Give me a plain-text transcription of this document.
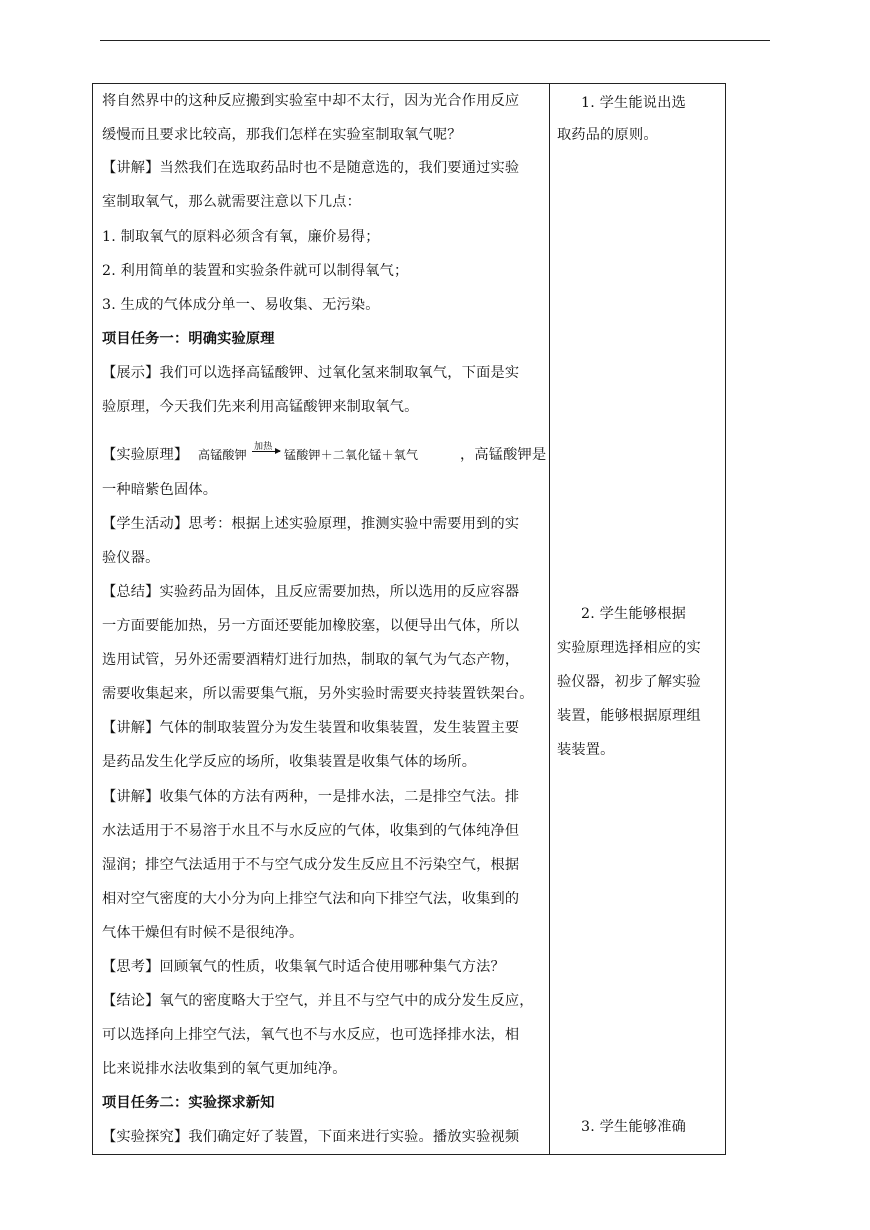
将自然界中的这种反应搬到实验室中却不太行，因为光合作用反应
缓慢而且要求比较高，那我们怎样在实验室制取氧气呢？
【讲解】当然我们在选取药品时也不是随意选的，我们要通过实验
室制取氧气，那么就需要注意以下几点：
1. 制取氧气的原料必须含有氧，廉价易得；
2. 利用简单的装置和实验条件就可以制得氧气；
3. 生成的气体成分单一、易收集、无污染。
项目任务一：明确实验原理
【展示】我们可以选择高锰酸钾、过氧化氢来制取氧气，下面是实
验原理，今天我们先来利用高锰酸钾来制取氧气。
【实验原理】 高锰酸钾
加热
→ 锰酸钾＋二氧化锰＋氧气	，高锰酸钾是
一种暗紫色固体。
【学生活动】思考：根据上述实验原理，推测实验中需要用到的实
验仪器。
【总结】实验药品为固体，且反应需要加热，所以选用的反应容器
一方面要能加热，另一方面还要能加橡胶塞，以便导出气体，所以
选用试管，另外还需要酒精灯进行加热，制取的氧气为气态产物，
需要收集起来，所以需要集气瓶，另外实验时需要夹持装置铁架台。
【讲解】气体的制取装置分为发生装置和收集装置，发生装置主要
是药品发生化学反应的场所，收集装置是收集气体的场所。
【讲解】收集气体的方法有两种，一是排水法，二是排空气法。排
水法适用于不易溶于水且不与水反应的气体，收集到的气体纯净但
湿润；排空气法适用于不与空气成分发生反应且不污染空气，根据
相对空气密度的大小分为向上排空气法和向下排空气法，收集到的
气体干燥但有时候不是很纯净。
【思考】回顾氧气的性质，收集氧气时适合使用哪种集气方法？
【结论】氧气的密度略大于空气，并且不与空气中的成分发生反应，
可以选择向上排空气法，氧气也不与水反应，也可选择排水法，相
比来说排水法收集到的氧气更加纯净。
项目任务二：实验探求新知
【实验探究】我们确定好了装置，下面来进行实验。播放实验视频
1. 学生能说出选
取药品的原则。
2. 学生能够根据
实验原理选择相应的实
验仪器，初步了解实验
装置，能够根据原理组
装装置。
3. 学生能够准确
